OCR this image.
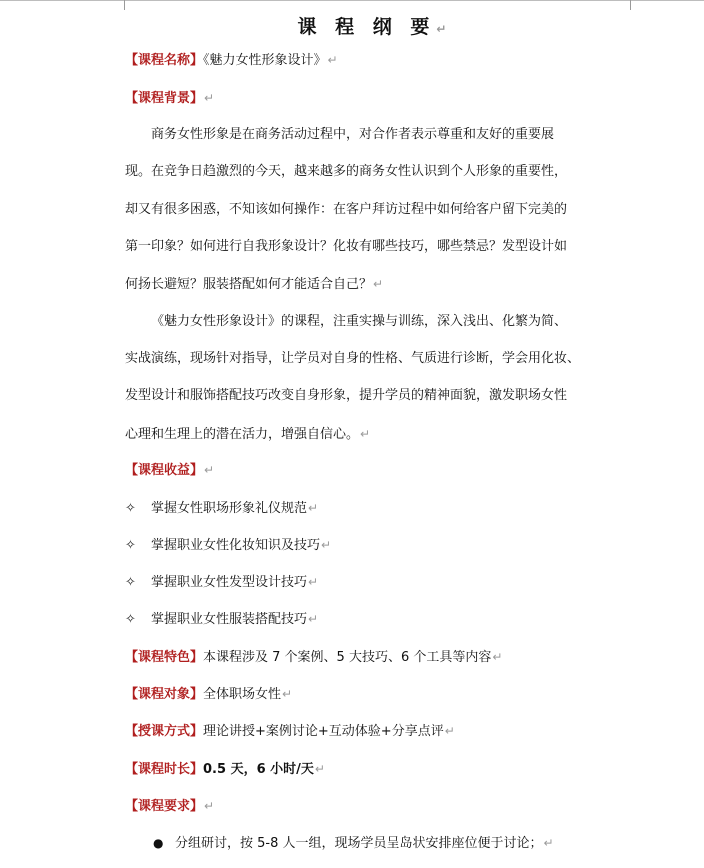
课 程 纲 要↵
【课程名称】《魅力女性形象设计》↵
【课程背景】↵
商务女性形象是在商务活动过程中，对合作者表示尊重和友好的重要展
现。在竞争日趋激烈的今天，越来越多的商务女性认识到个人形象的重要性，
却又有很多困惑，不知该如何操作：在客户拜访过程中如何给客户留下完美的
第一印象？如何进行自我形象设计？化妆有哪些技巧，哪些禁忌？发型设计如
何扬长避短？服装搭配如何才能适合自己？↵
《魅力女性形象设计》的课程，注重实操与训练，深入浅出、化繁为简、
实战演练，现场针对指导，让学员对自身的性格、气质进行诊断，学会用化妆、
发型设计和服饰搭配技巧改变自身形象，提升学员的精神面貌，激发职场女性
心理和生理上的潜在活力，增强自信心。↵
【课程收益】↵
✧ 掌握女性职场形象礼仪规范↵
✧ 掌握职业女性化妆知识及技巧↵
✧ 掌握职业女性发型设计技巧↵
✧ 掌握职业女性服装搭配技巧↵
【课程特色】本课程涉及 7 个案例、5 大技巧、6 个工具等内容↵
【课程对象】全体职场女性↵
【授课方式】理论讲授+案例讨论+互动体验+分享点评↵
【课程时长】0.5 天，6 小时/天↵
【课程要求】↵
● 分组研讨，按 5-8 人一组，现场学员呈岛状安排座位便于讨论；↵
